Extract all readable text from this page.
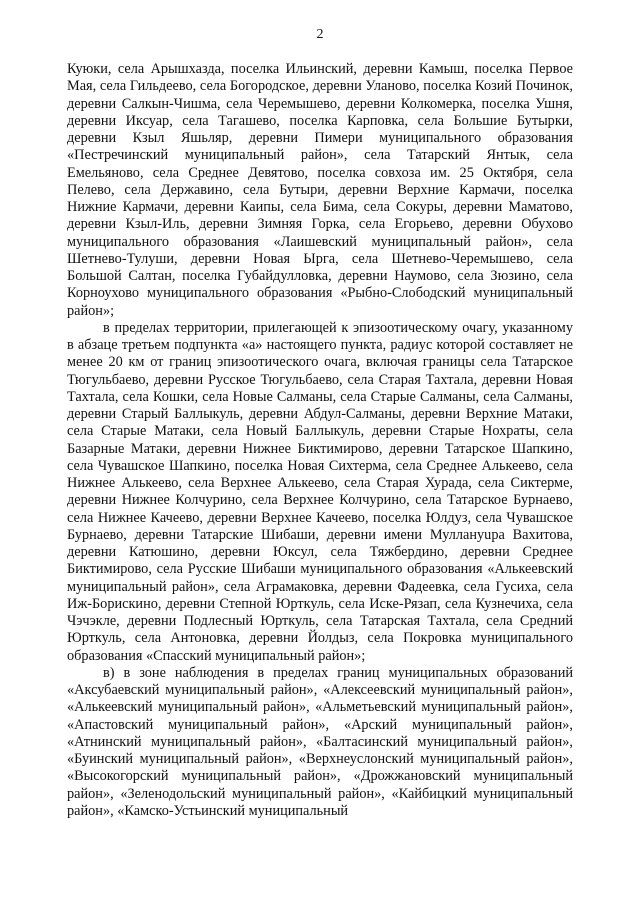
2

Куюки, села Арышхазда, поселка Ильинский, деревни Камыш, поселка Первое Мая, села Гильдеево, села Богородское, деревни Уланово, поселка Козий Починок, деревни Салкын-Чишма, села Черемышево, деревни Колкомерка, поселка Ушня, деревни Иксуар, села Тагашево, поселка Карповка, села Большие Бутырки, деревни Кзыл Яшьляр, деревни Пимери муниципального образования «Пестречинский муниципальный район», села Татарский Янтык, села Емельяново, села Среднее Девятово, поселка совхоза им. 25 Октября, села Пелево, села Державино, села Бутыри, деревни Верхние Кармачи, поселка Нижние Кармачи, деревни Каипы, села Бима, села Сокуры, деревни Маматово, деревни Кзыл-Иль, деревни Зимняя Горка, села Егорьево, деревни Обухово муниципального образования «Лаишевский муниципальный район», села Шетнево-Тулуши, деревни Новая Ырга, села Шетнево-Черемышево, села Большой Салтан, поселка Губайдулловка, деревни Наумово, села Зюзино, села Корноухово муниципального образования «Рыбно-Слободский муниципальный район»;

в пределах территории, прилегающей к эпизоотическому очагу, указанному в абзаце третьем подпункта «а» настоящего пункта, радиус которой составляет не менее 20 км от границ эпизоотического очага, включая границы села Татарское Тюгульбаево, деревни Русское Тюгульбаево, села Старая Тахтала, деревни Новая Тахтала, села Кошки, села Новые Салманы, села Старые Салманы, села Салманы, деревни Старый Баллыкуль, деревни Абдул-Салманы, деревни Верхние Матаки, села Старые Матаки, села Новый Баллыкуль, деревни Старые Нохраты, села Базарные Матаки, деревни Нижнее Биктимирово, деревни Татарское Шапкино, села Чувашское Шапкино, поселка Новая Сихтерма, села Среднее Алькеево, села Нижнее Алькеево, села Верхнее Алькеево, села Старая Хурада, села Сиктерме, деревни Нижнее Колчурино, села Верхнее Колчурино, села Татарское Бурнаево, села Нижнее Качеево, деревни Верхнее Качеево, поселка Юлдуз, села Чувашское Бурнаево, деревни Татарские Шибаши, деревни имени Муллануupa Вахитова, деревни Катюшино, деревни Юксул, села Тяжбердино, деревни Среднее Биктимирово, села Русские Шибаши муниципального образования «Алькеевский муниципальный район», села Аграмаковка, деревни Фадеевка, села Гусиха, села Иж-Борискино, деревни Степной Юрткуль, села Иске-Рязап, села Кузнечиха, села Чэчэкле, деревни Подлесный Юрткуль, села Татарская Тахтала, села Средний Юрткуль, села Антоновка, деревни Йолдыз, села Покровка муниципального образования «Спасский муниципальный район»;

в) в зоне наблюдения в пределах границ муниципальных образований «Аксубаевский муниципальный район», «Алексеевский муниципальный район», «Алькеевский муниципальный район», «Альметьевский муниципальный район», «Апастовский муниципальный район», «Арский муниципальный район», «Атнинский муниципальный район», «Балтасинский муниципальный район», «Буинский муниципальный район», «Верхнеуслонский муниципальный район», «Высокогорский муниципальный район», «Дрожжановский муниципальный район», «Зеленодольский муниципальный район», «Кайбицкий муниципальный район», «Камско-Устьинский муниципальный
